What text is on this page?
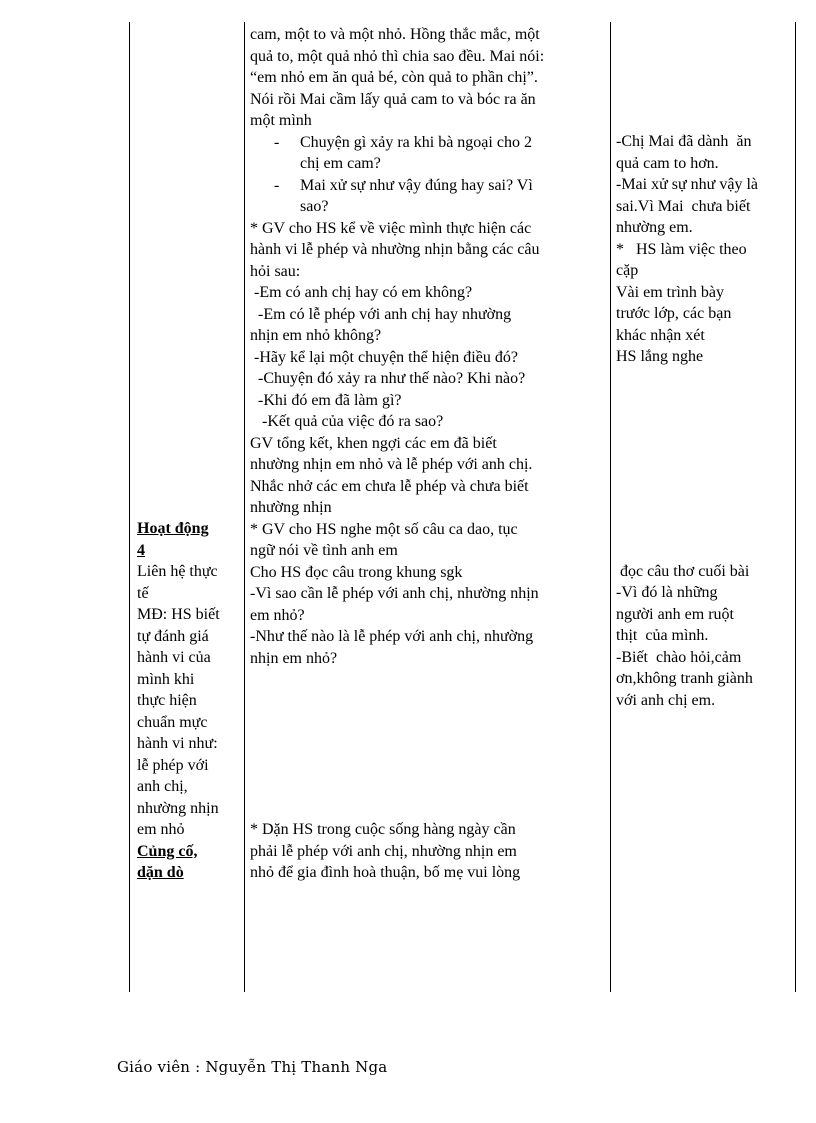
Hoạt động

4

Liên hệ thực

tế

MĐ: HS biết

tự đánh giá

hành vi của

mình khi

thực hiện

chuẩn mực

hành vi như:

lễ phép với

anh chị,

nhường nhịn

em nhỏ

Củng cố,

dặn dò

cam, một to và một nhỏ. Hồng thắc mắc, một

quả to, một quả nhỏ thì chia sao đều. Mai nói:

“em nhỏ em ăn quả bé, còn quả to phần chị”.

Nói rồi Mai cầm lấy quả cam to và bóc ra ăn

một mình

-	Chuyện gì xảy ra khi bà ngoại cho 2

chị em cam?

-	Mai xử sự như vậy đúng hay sai? Vì

sao?

* GV cho HS kể về việc mình thực hiện các

hành vi lễ phép và nhường nhịn bằng các câu

hỏi sau:

-Em có anh chị hay có em không?

-Em có lễ phép với anh chị hay nhường

nhịn em nhỏ không?

-Hãy kể lại một chuyện thể hiện điều đó?

-Chuyện đó xảy ra như thế nào? Khi nào?

-Khi đó em đã làm gì?

-Kết quả của việc đó ra sao?

GV tổng kết, khen ngợi các em đã biết

nhường nhịn em nhỏ và lễ phép với anh chị.

Nhắc nhở các em chưa lễ phép và chưa biết

nhường nhịn

* GV cho HS nghe một số câu ca dao, tục

ngữ nói về tình anh em

Cho HS đọc câu trong khung sgk

-Vì sao cần lễ phép với anh chị, nhường nhịn

em nhỏ?

-Như thế nào là lễ phép với anh chị, nhường

nhịn em nhỏ?

* Dặn HS trong cuộc sống hàng ngày cần

phải lễ phép với anh chị, nhường nhịn em

nhỏ để gia đình hoà thuận, bố mẹ vui lòng

-Chị Mai đã dành  ăn

quả cam to hơn.

-Mai xử sự như vậy là

sai.Vì Mai  chưa biết

nhường em.

*   HS làm việc theo

cặp

Vài em trình bày

trước lớp, các bạn

khác nhận xét

HS lắng nghe

đọc câu thơ cuối bài

-Vì đó là những

người anh em ruột

thịt  của mình.

-Biết  chào hỏi,cảm

ơn,không tranh giành

với anh chị em.

Giáo viên : Nguyễn Thị Thanh Nga
